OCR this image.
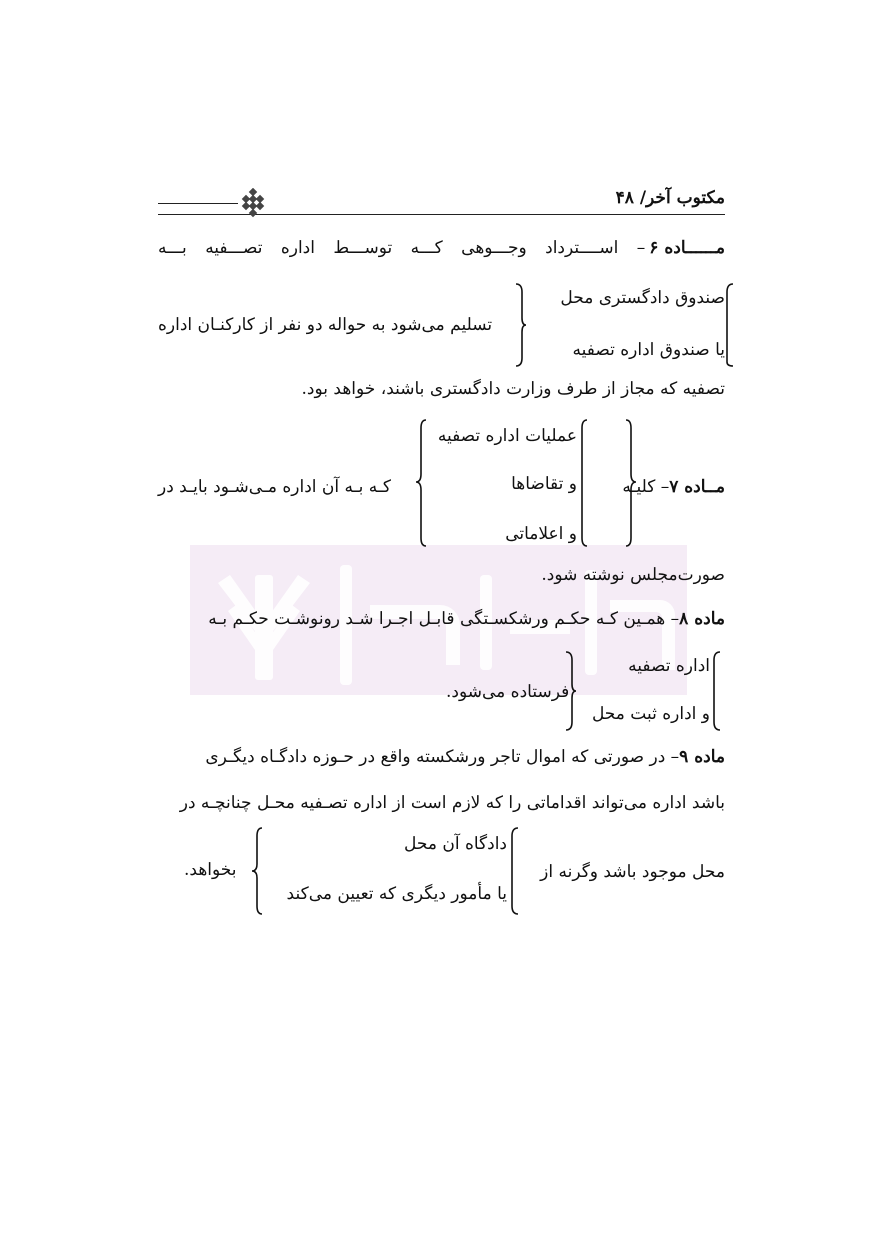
مکتوب آخر/ ۴۸
مــــــاده ۶
–
اســــترداد
وجـــوهی
کـــه
توســـط
اداره
تصـــفیه
بـــه
صندوق دادگستری محل
یا صندوق اداره تصفیه
تسلیم می‌شود به حواله دو نفر از کارکنـان اداره
تصفیه که مجاز از طرف وزارت دادگستری باشند، خواهد بود.
مــاده ۷– کلیـه
عملیات اداره تصفیه
و تقاضاها
و اعلاماتی
کـه بـه آن اداره مـی‌شـود بایـد در
صورت‌مجلس نوشته شود.
ماده ۸– همـین کـه حکـم ورشکسـتگی قابـل اجـرا شـد رونوشـت حکـم بـه
اداره تصفیه
و اداره ثبت محل
فرستاده می‌شود.
ماده ۹– در صورتی که اموال تاجر ورشکسته واقع در حـوزه دادگـاه دیگـری
باشد اداره می‌تواند اقداماتی را که لازم است از اداره تصـفیه محـل چنانچـه در
محل موجود باشد وگرنه از
دادگاه آن محل
یا مأمور دیگری که تعیین می‌کند
بخواهد.
